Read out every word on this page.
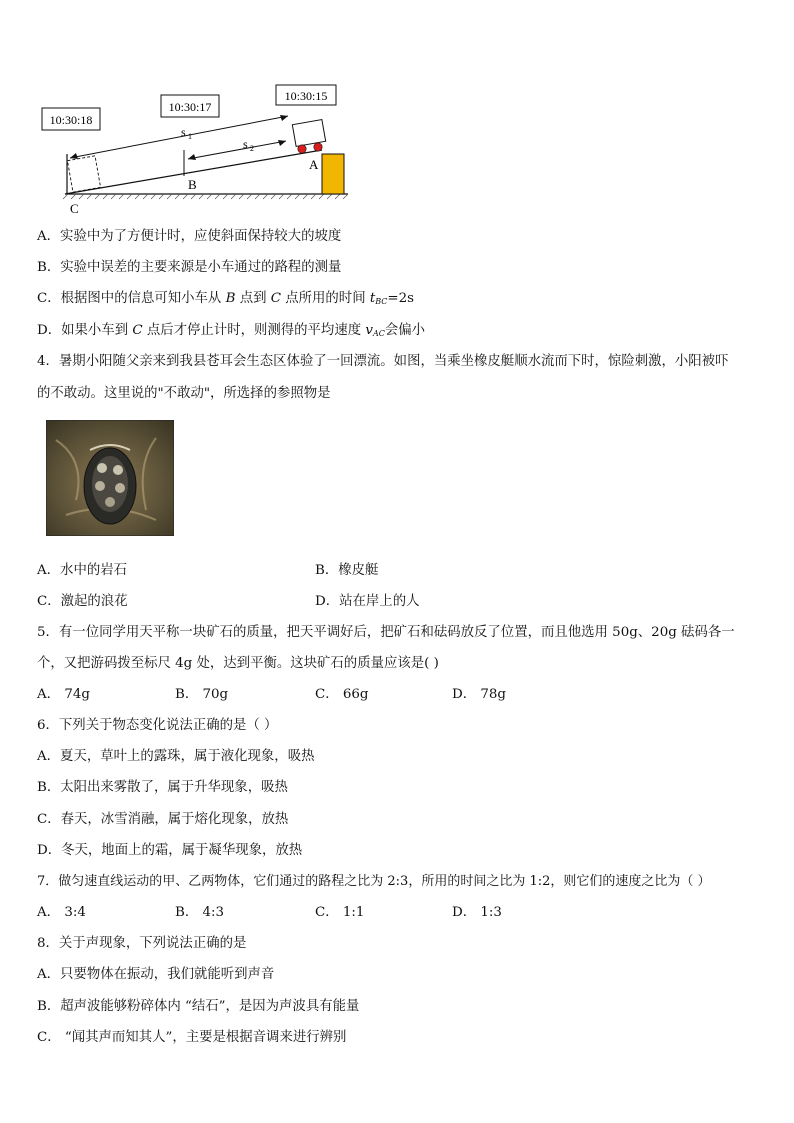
10:30:18
10:30:17
10:30:15
s 1
s 2
A
B
C
A．实验中为了方便计时，应使斜面保持较大的坡度
B．实验中误差的主要来源是小车通过的路程的测量
C．根据图中的信息可知小车从 B 点到 C 点所用的时间 $t_{BC}=2s$
D．如果小车到 C 点后才停止计时，则测得的平均速度 $v_{AC}$会偏小
4．暑期小阳随父亲来到我县苍耳会生态区体验了一回漂流。如图，当乘坐橡皮艇顺水流而下时，惊险刺激，小阳被吓
的不敢动。这里说的"不敢动"，所选择的参照物是
A．水中的岩石	B．橡皮艇
C．激起的浪花	D．站在岸上的人
5．有一位同学用天平称一块矿石的质量，把天平调好后，把矿石和砝码放反了位置，而且他选用 50g、20g 砝码各一
个，又把游码拨至标尺 4g 处，达到平衡。这块矿石的质量应该是( )
A． 74g	B． 70g	C． 66g	D． 78g
6．下列关于物态变化说法正确的是（ ）
A．夏天，草叶上的露珠，属于液化现象，吸热
B．太阳出来雾散了，属于升华现象，吸热
C．春天，冰雪消融，属于熔化现象，放热
D．冬天，地面上的霜，属于凝华现象，放热
7．做匀速直线运动的甲、乙两物体，它们通过的路程之比为 2:3，所用的时间之比为 1:2，则它们的速度之比为（ ）
A． 3:4	B． 4:3	C． 1:1	D． 1:3
8．关于声现象，下列说法正确的是
A．只要物体在振动，我们就能听到声音
B．超声波能够粉碎体内 “结石”，是因为声波具有能量
C． “闻其声而知其人”，主要是根据音调来进行辨别
